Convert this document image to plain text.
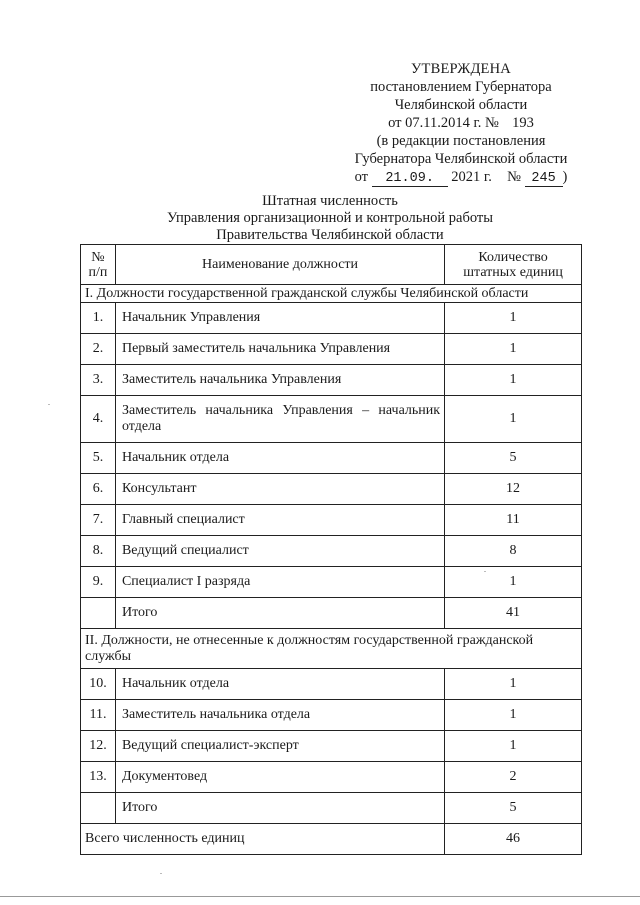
УТВЕРЖДЕНА
постановлением Губернатора
Челябинской области
от 07.11.2014 г. № 193
(в редакции постановления
Губернатора Челябинской области
от 21.09. 2021 г. № 245 )
Штатная численность
Управления организационной и контрольной работы
Правительства Челябинской области
№ п/п	Наименование должности	Количество штатных единиц

I. Должности государственной гражданской службы Челябинской области		
1.	Начальник Управления	1
2.	Первый заместитель начальника Управления	1
3.	Заместитель начальника Управления	1
4.	Заместитель начальника Управления – начальник отдела	1
5.	Начальник отдела	5
6.	Консультант	12
7.	Главный специалист	11
8.	Ведущий специалист	8
9.	Специалист I разряда	1
	Итого	41
II. Должности, не отнесенные к должностям государственной гражданской службы		
10.	Начальник отдела	1
11.	Заместитель начальника отдела	1
12.	Ведущий специалист-эксперт	1
13.	Документовед	2
	Итого	5
Всего численность единиц		46
